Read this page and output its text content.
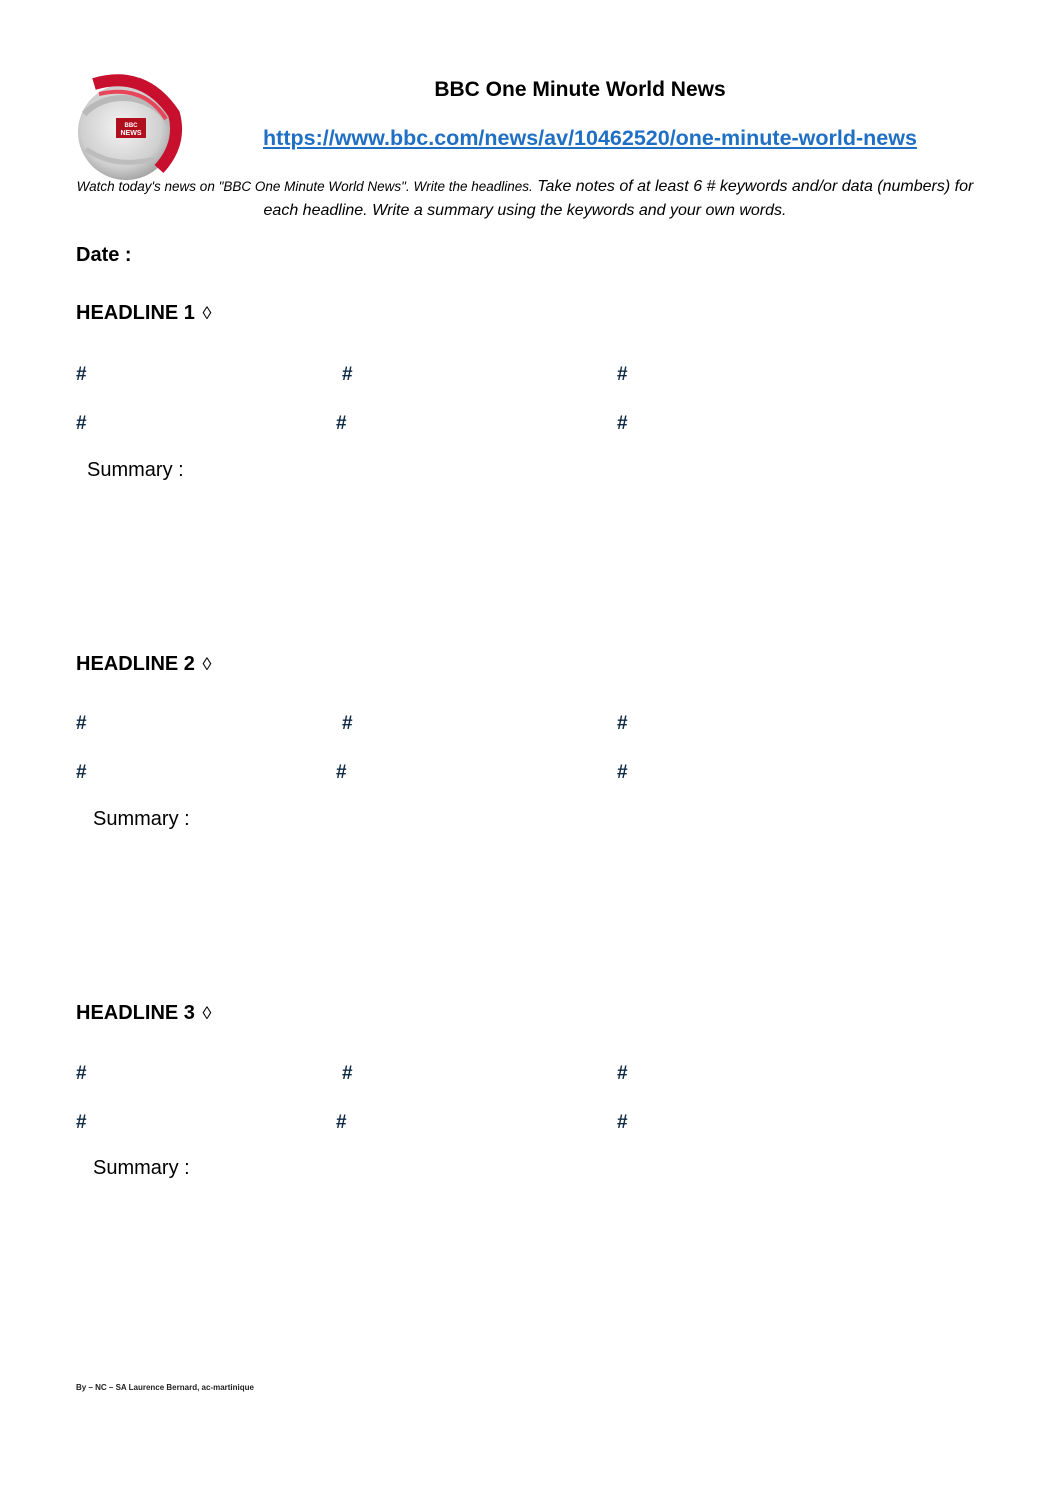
BBC
NEWS
BBC One Minute World News
https://www.bbc.com/news/av/10462520/one-minute-world-news
Watch today's news on "BBC One Minute World News". Write the headlines. Take notes of at least 6 # keywords and/or data (numbers) for each headline. Write a summary using the keywords and your own words.
Date :
HEADLINE 1 ◊
#	#	#
#	#	#
Summary :
HEADLINE 2 ◊
#	#	#
#	#	#
Summary :
HEADLINE 3 ◊
#	#	#
#	#	#
Summary :
By – NC – SA Laurence Bernard, ac-martinique
